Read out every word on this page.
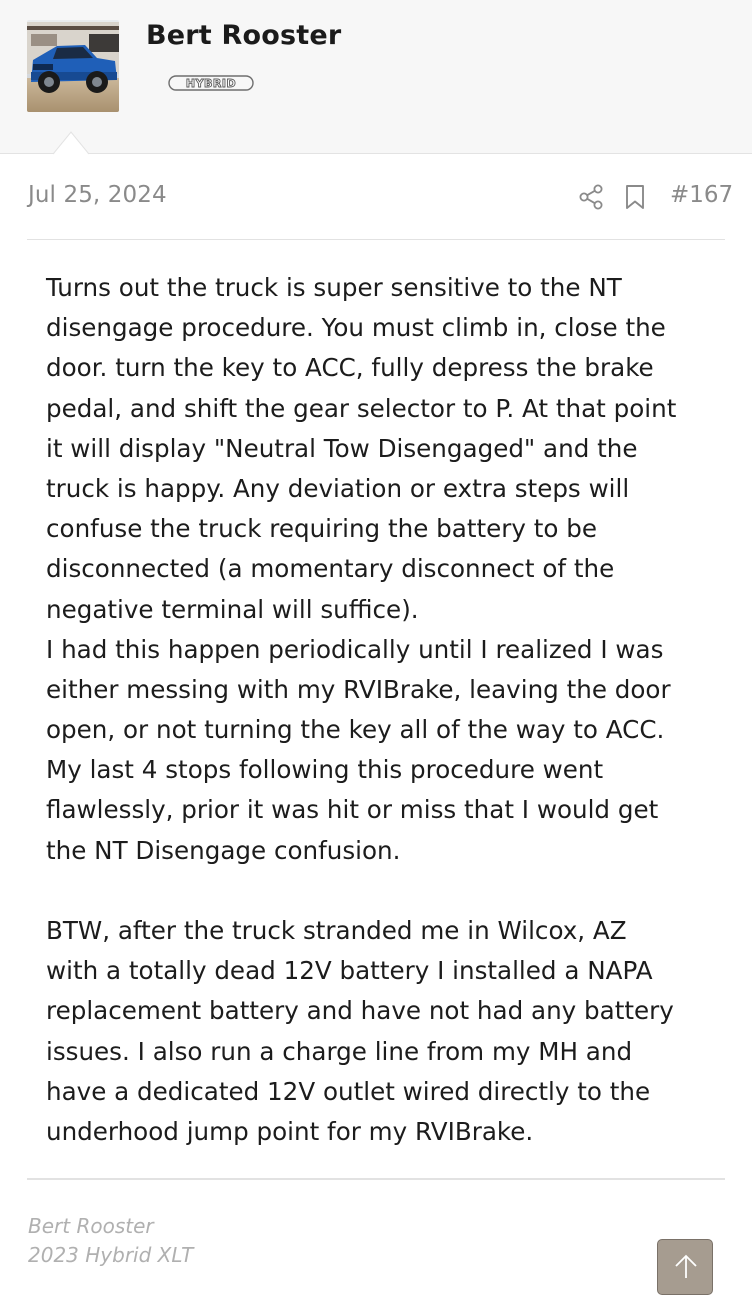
Bert Rooster
HYBRID
Jul 25, 2024	#167
Turns out the truck is super sensitive to the NT
disengage procedure. You must climb in, close the
door. turn the key to ACC, fully depress the brake
pedal, and shift the gear selector to P. At that point
it will display "Neutral Tow Disengaged" and the
truck is happy. Any deviation or extra steps will
confuse the truck requiring the battery to be
disconnected (a momentary disconnect of the
negative terminal will suffice).
I had this happen periodically until I realized I was
either messing with my RVIBrake, leaving the door
open, or not turning the key all of the way to ACC.
My last 4 stops following this procedure went
flawlessly, prior it was hit or miss that I would get
the NT Disengage confusion.
BTW, after the truck stranded me in Wilcox, AZ
with a totally dead 12V battery I installed a NAPA
replacement battery and have not had any battery
issues. I also run a charge line from my MH and
have a dedicated 12V outlet wired directly to the
underhood jump point for my RVIBrake.
Bert Rooster
2023 Hybrid XLT
